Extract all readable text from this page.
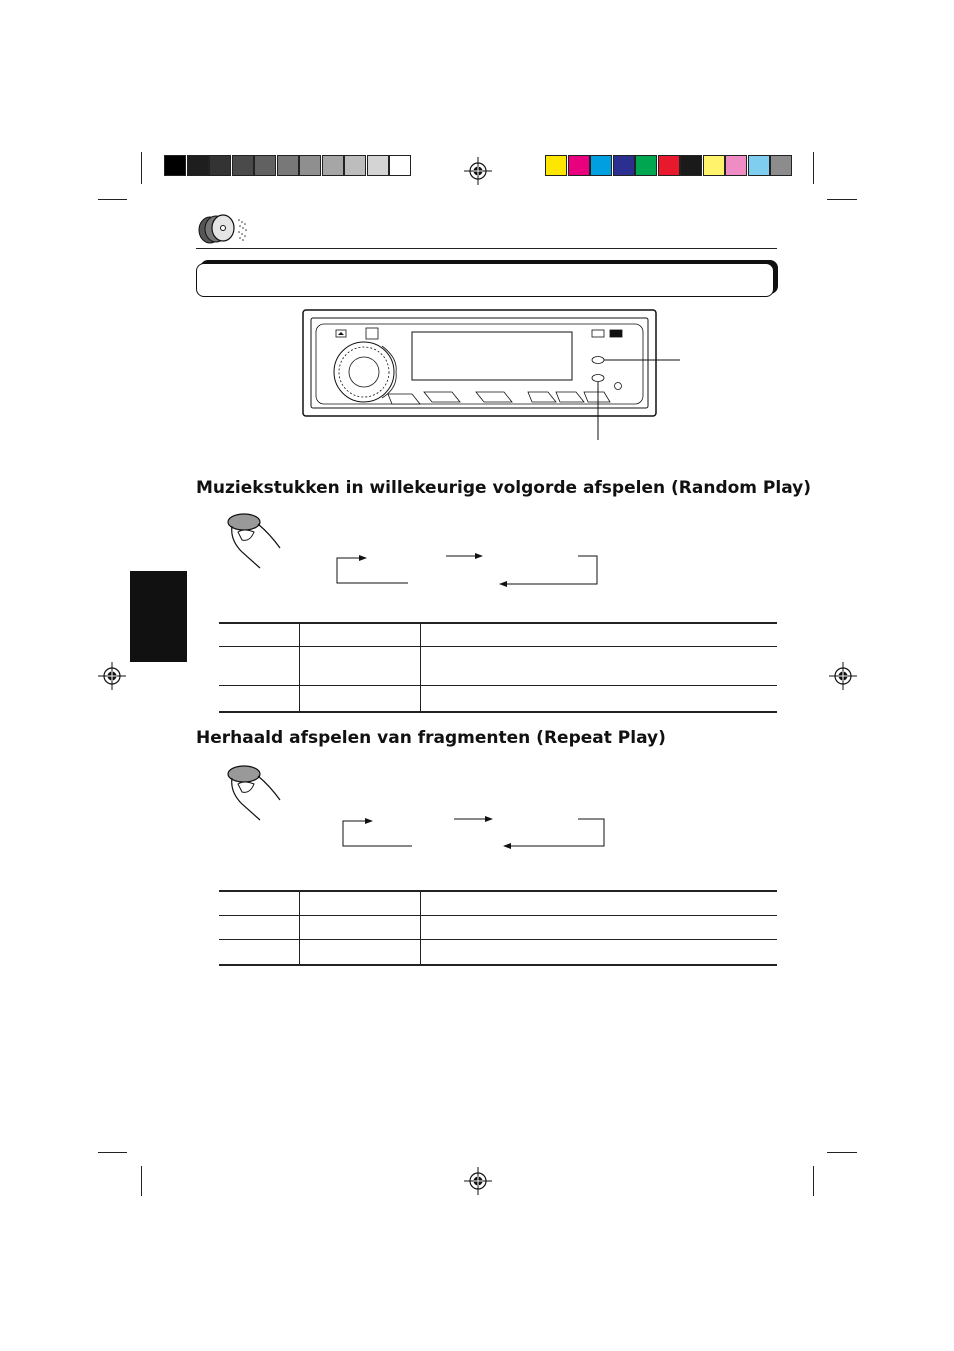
Muziekstukken in willekeurige volgorde afspelen (Random Play)
Herhaald afspelen van fragmenten (Repeat Play)
